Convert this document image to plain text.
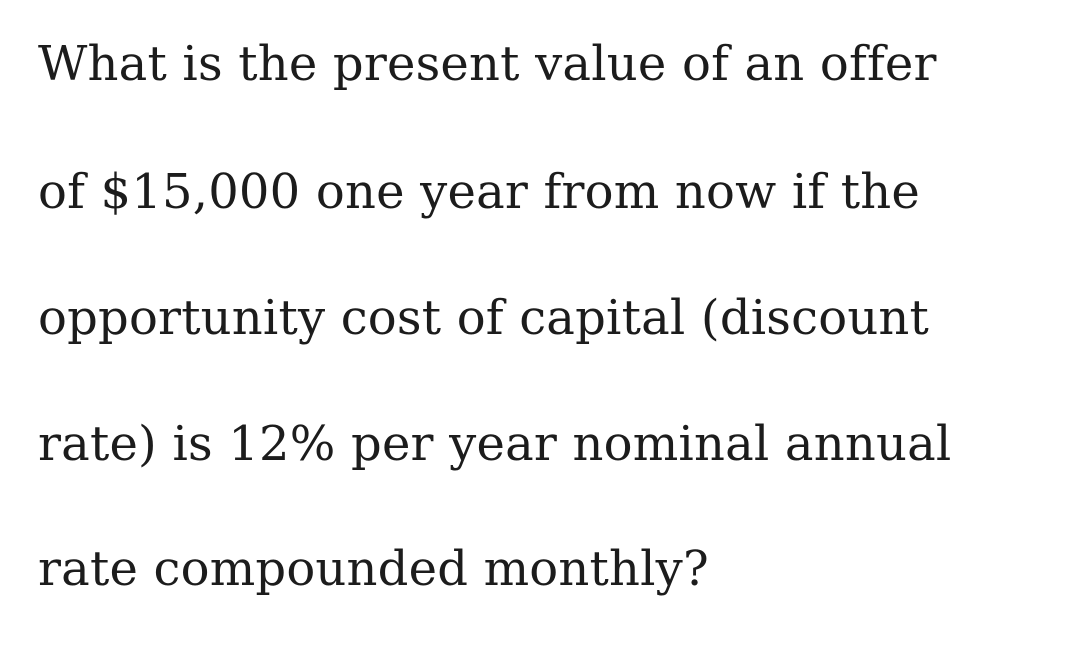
What is the present value of an offer
of $15,000 one year from now if the
opportunity cost of capital (discount
rate) is 12% per year nominal annual
rate compounded monthly?
